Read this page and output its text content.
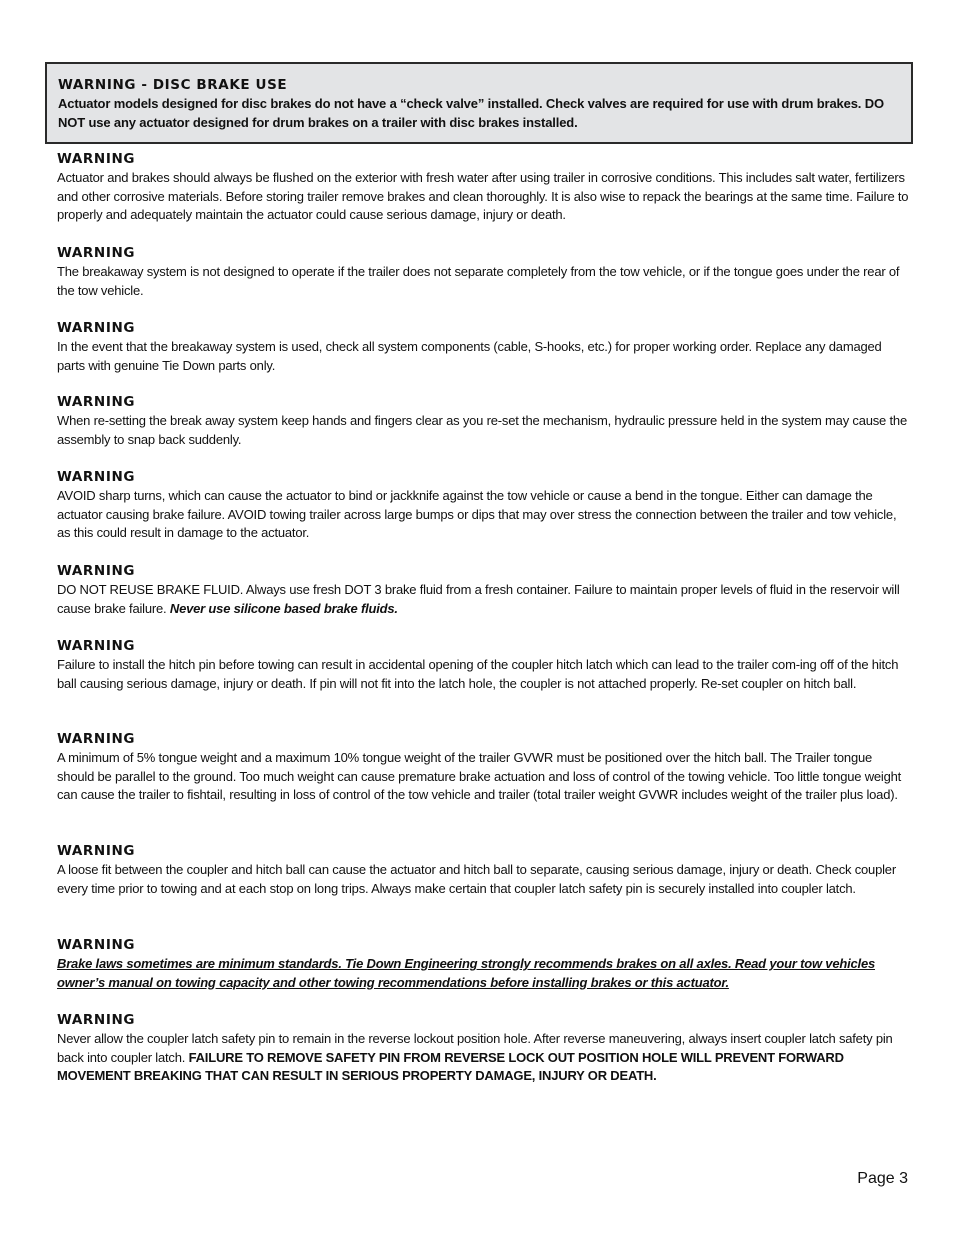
WARNING - DISC BRAKE USE
Actuator models designed for disc brakes do not have a “check valve” installed. Check valves are required for use with drum brakes. DO NOT use any actuator designed for drum brakes on a trailer with disc brakes installed.
WARNING
Actuator and brakes should always be flushed on the exterior with fresh water after using trailer in corrosive conditions. This includes salt water, fertilizers and other corrosive materials. Before storing trailer remove brakes and clean thoroughly. It is also wise to repack the bearings at the same time. Failure to properly and adequately maintain the actuator could cause serious damage, injury or death.
WARNING
The breakaway system is not designed to operate if the trailer does not separate completely from the tow vehicle, or if the tongue goes under the rear of the tow vehicle.
WARNING
In the event that the breakaway system is used, check all system components (cable, S-hooks, etc.) for proper working order. Replace any damaged parts with genuine Tie Down parts only.
WARNING
When re-setting the break away system keep hands and fingers clear as you re-set the mechanism, hydraulic pressure held in the system may cause the assembly to snap back suddenly.
WARNING
AVOID sharp turns, which can cause the actuator to bind or jackknife against the tow vehicle or cause a bend in the tongue. Either can damage the actuator causing brake failure. AVOID towing trailer across large bumps or dips that may over stress the connection between the trailer and tow vehicle, as this could result in damage to the actuator.
WARNING
DO NOT REUSE BRAKE FLUID. Always use fresh DOT 3 brake fluid from a fresh container. Failure to maintain proper levels of fluid in the reservoir will cause brake failure. Never use silicone based brake fluids.
WARNING
Failure to install the hitch pin before towing can result in accidental opening of the coupler hitch latch which can lead to the trailer com-ing off of the hitch ball causing serious damage, injury or death. If pin will not fit into the latch hole, the coupler is not attached properly. Re-set coupler on hitch ball.
WARNING
A minimum of 5% tongue weight and a maximum 10% tongue weight of the trailer GVWR must be positioned over the hitch ball. The Trailer tongue should be parallel to the ground. Too much weight can cause premature brake actuation and loss of control of the towing vehicle. Too little tongue weight can cause the trailer to fishtail, resulting in loss of control of the tow vehicle and trailer (total trailer weight GVWR includes weight of the trailer plus load).
WARNING
A loose fit between the coupler and hitch ball can cause the actuator and hitch ball to separate, causing serious damage, injury or death. Check coupler every time prior to towing and at each stop on long trips. Always make certain that coupler latch safety pin is securely installed into coupler latch.
WARNING
Brake laws sometimes are minimum standards. Tie Down Engineering strongly recommends brakes on all axles. Read your tow vehicles owner’s manual on towing capacity and other towing recommendations before installing brakes or this actuator.
WARNING
Never allow the coupler latch safety pin to remain in the reverse lockout position hole. After reverse maneuvering, always insert coupler latch safety pin back into coupler latch. FAILURE TO REMOVE SAFETY PIN FROM REVERSE LOCK OUT POSITION HOLE WILL PREVENT FORWARD MOVEMENT BREAKING THAT CAN RESULT IN SERIOUS PROPERTY DAMAGE, INJURY OR DEATH.
Page 3
